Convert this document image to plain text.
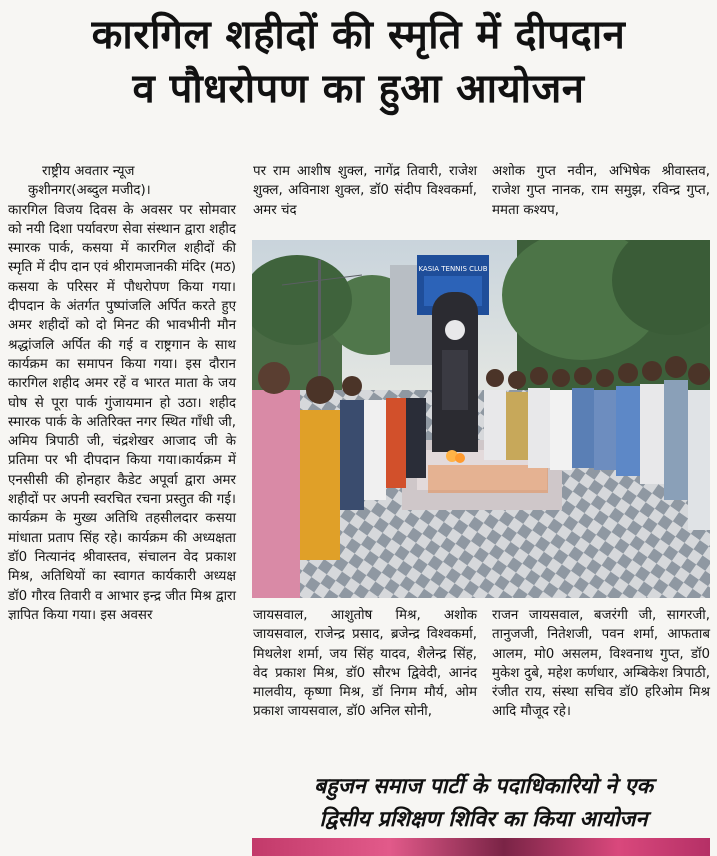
कारगिल शहीदों की स्मृति में दीपदान
व पौधरोपण का हुआ आयोजन

राष्ट्रीय अवतार न्यूज

कुशीनगर(अब्दुल मजीद)।

कारगिल विजय दिवस के अवसर पर सोमवार को नयी दिशा पर्यावरण सेवा संस्थान द्वारा शहीद स्मारक पार्क, कसया में कारगिल शहीदों की स्मृति में दीप दान एवं श्रीरामजानकी मंदिर (मठ) कसया के परिसर में पौधरोपण किया गया। दीपदान के अंतर्गत पुष्पांजलि अर्पित करते हुए अमर शहीदों को दो मिनट की भावभीनी मौन श्रद्धांजलि अर्पित की गई व राष्ट्रगान के साथ कार्यक्रम का समापन किया गया। इस दौरान कारगिल शहीद अमर रहें व भारत माता के जय घोष से पूरा पार्क गुंजायमान हो उठा। शहीद स्मारक पार्क के अतिरिक्त नगर स्थित गाँधी जी, अमिय त्रिपाठी जी, चंद्रशेखर आजाद जी के प्रतिमा पर भी दीपदान किया गया।कार्यक्रम में एनसीसी की होनहार कैडेट अपूर्वा द्वारा अमर शहीदों पर अपनी स्वरचित रचना प्रस्तुत की गई। कार्यक्रम के मुख्य अतिथि तहसीलदार कसया मांधाता प्रताप सिंह रहे। कार्यक्रम की अध्यक्षता डॉ0 नित्यानंद श्रीवास्तव, संचालन वेद प्रकाश मिश्र, अतिथियों का स्वागत कार्यकारी अध्यक्ष डॉ0 गौरव तिवारी व आभार इन्द्र जीत मिश्र द्वारा ज्ञापित किया गया। इस अवसर

पर राम आशीष शुक्ल, नागेंद्र तिवारी, राजेश शुक्ल, अविनाश शुक्ल, डॉ0 संदीप विश्वकर्मा, अमर चंद

अशोक गुप्त नवीन, अभिषेक श्रीवास्तव, राजेश गुप्त नानक, राम समुझ, रविन्द्र गुप्त, ममता कश्यप,

KASIA TENNIS CLUB

जायसवाल, आशुतोष मिश्र, अशोक जायसवाल, राजेन्द्र प्रसाद, ब्रजेन्द्र विश्वकर्मा, मिथलेश शर्मा, जय सिंह यादव, शैलेन्द्र सिंह, वेद प्रकाश मिश्र, डॉ0 सौरभ द्विवेदी, आनंद मालवीय, कृष्णा मिश्र, डॉ निगम मौर्य, ओम प्रकाश जायसवाल, डॉ0 अनिल सोनी,

राजन जायसवाल, बजरंगी जी, सागरजी, तानुजजी, नितेशजी, पवन शर्मा, आफताब आलम, मो0 असलम, विश्वनाथ गुप्त, डॉ0 मुकेश दुबे, महेश कर्णधार, अम्बिकेश त्रिपाठी, रंजीत राय, संस्था सचिव डॉ0 हरिओम मिश्र आदि मौजूद रहे।

बहुजन समाज पार्टी के पदाधिकारियो ने एक
द्विसीय प्रशिक्षण शिविर का किया आयोजन
